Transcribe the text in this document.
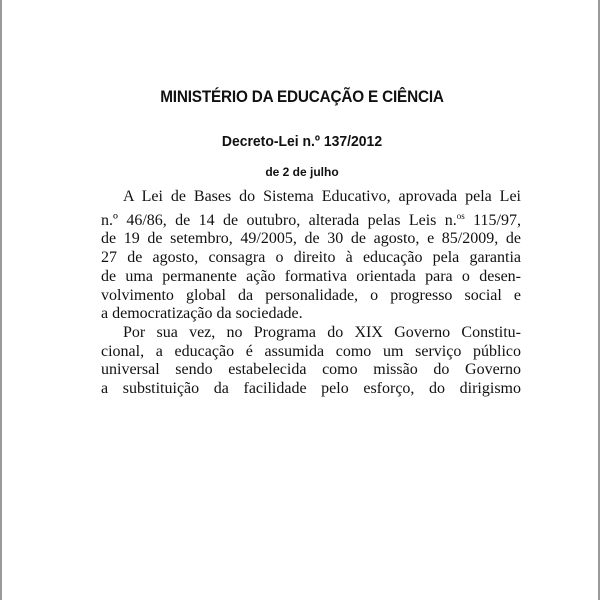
MINISTÉRIO DA EDUCAÇÃO E CIÊNCIA
Decreto-Lei n.º 137/2012
de 2 de julho
A Lei de Bases do Sistema Educativo, aprovada pela Lei
n.º 46/86, de 14 de outubro, alterada pelas Leis n.$^{os}$ 115/97,
de 19 de setembro, 49/2005, de 30 de agosto, e 85/2009, de
27 de agosto, consagra o direito à educação pela garantia
de uma permanente ação formativa orientada para o desen-
volvimento global da personalidade, o progresso social e
a democratização da sociedade.
Por sua vez, no Programa do XIX Governo Constitu-
cional, a educação é assumida como um serviço público
universal sendo estabelecida como missão do Governo
a substituição da facilidade pelo esforço, do dirigismo
